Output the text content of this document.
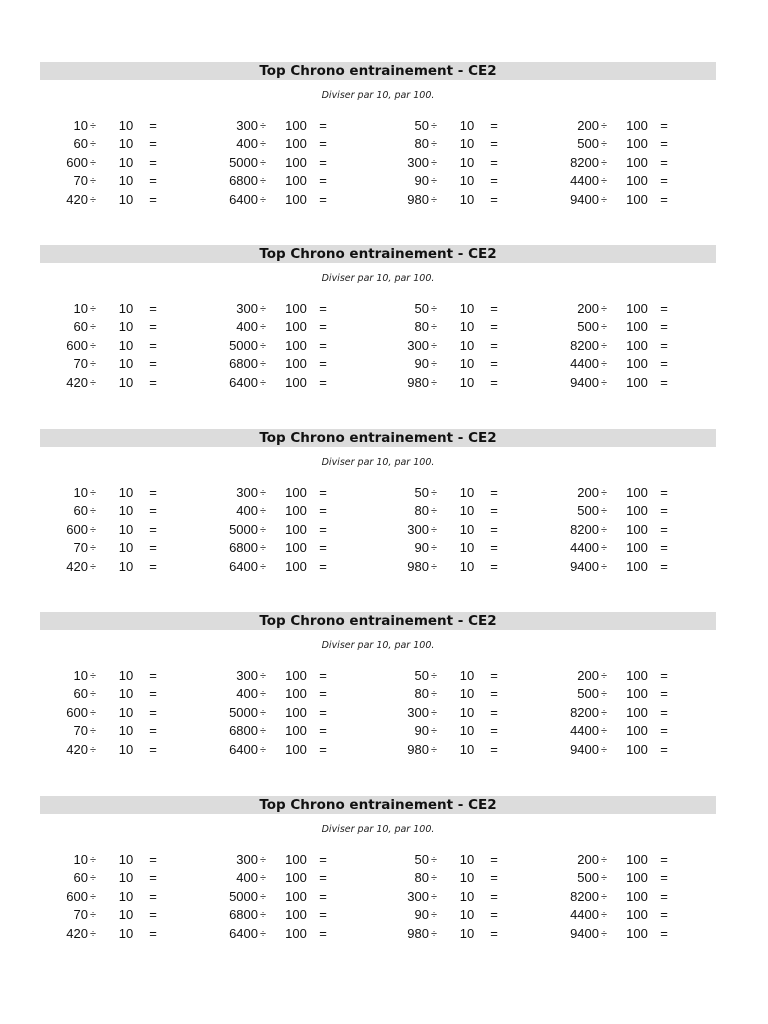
Top Chrono entrainement - CE2
Diviser par 10, par 100.
10 ÷	10	=	300 ÷	100 =	50 ÷	10	=	200 ÷	100 =
60 ÷	10	=	400 ÷	100 =	80 ÷	10	=	500 ÷	100 =
600 ÷	10	=	5000 ÷	100 =	300 ÷	10	=	8200 ÷	100 =
70 ÷	10	=	6800 ÷	100 =	90 ÷	10	=	4400 ÷	100 =
420 ÷	10	=	6400 ÷	100 =	980 ÷	10	=	9400 ÷	100 =
Top Chrono entrainement - CE2
Diviser par 10, par 100.
10 ÷	10	=	300 ÷	100 =	50 ÷	10	=	200 ÷	100 =
60 ÷	10	=	400 ÷	100 =	80 ÷	10	=	500 ÷	100 =
600 ÷	10	=	5000 ÷	100 =	300 ÷	10	=	8200 ÷	100 =
70 ÷	10	=	6800 ÷	100 =	90 ÷	10	=	4400 ÷	100 =
420 ÷	10	=	6400 ÷	100 =	980 ÷	10	=	9400 ÷	100 =
Top Chrono entrainement - CE2
Diviser par 10, par 100.
10 ÷	10	=	300 ÷	100 =	50 ÷	10	=	200 ÷	100 =
60 ÷	10	=	400 ÷	100 =	80 ÷	10	=	500 ÷	100 =
600 ÷	10	=	5000 ÷	100 =	300 ÷	10	=	8200 ÷	100 =
70 ÷	10	=	6800 ÷	100 =	90 ÷	10	=	4400 ÷	100 =
420 ÷	10	=	6400 ÷	100 =	980 ÷	10	=	9400 ÷	100 =
Top Chrono entrainement - CE2
Diviser par 10, par 100.
10 ÷	10	=	300 ÷	100 =	50 ÷	10	=	200 ÷	100 =
60 ÷	10	=	400 ÷	100 =	80 ÷	10	=	500 ÷	100 =
600 ÷	10	=	5000 ÷	100 =	300 ÷	10	=	8200 ÷	100 =
70 ÷	10	=	6800 ÷	100 =	90 ÷	10	=	4400 ÷	100 =
420 ÷	10	=	6400 ÷	100 =	980 ÷	10	=	9400 ÷	100 =
Top Chrono entrainement - CE2
Diviser par 10, par 100.
10 ÷	10	=	300 ÷	100 =	50 ÷	10	=	200 ÷	100 =
60 ÷	10	=	400 ÷	100 =	80 ÷	10	=	500 ÷	100 =
600 ÷	10	=	5000 ÷	100 =	300 ÷	10	=	8200 ÷	100 =
70 ÷	10	=	6800 ÷	100 =	90 ÷	10	=	4400 ÷	100 =
420 ÷	10	=	6400 ÷	100 =	980 ÷	10	=	9400 ÷	100 =
